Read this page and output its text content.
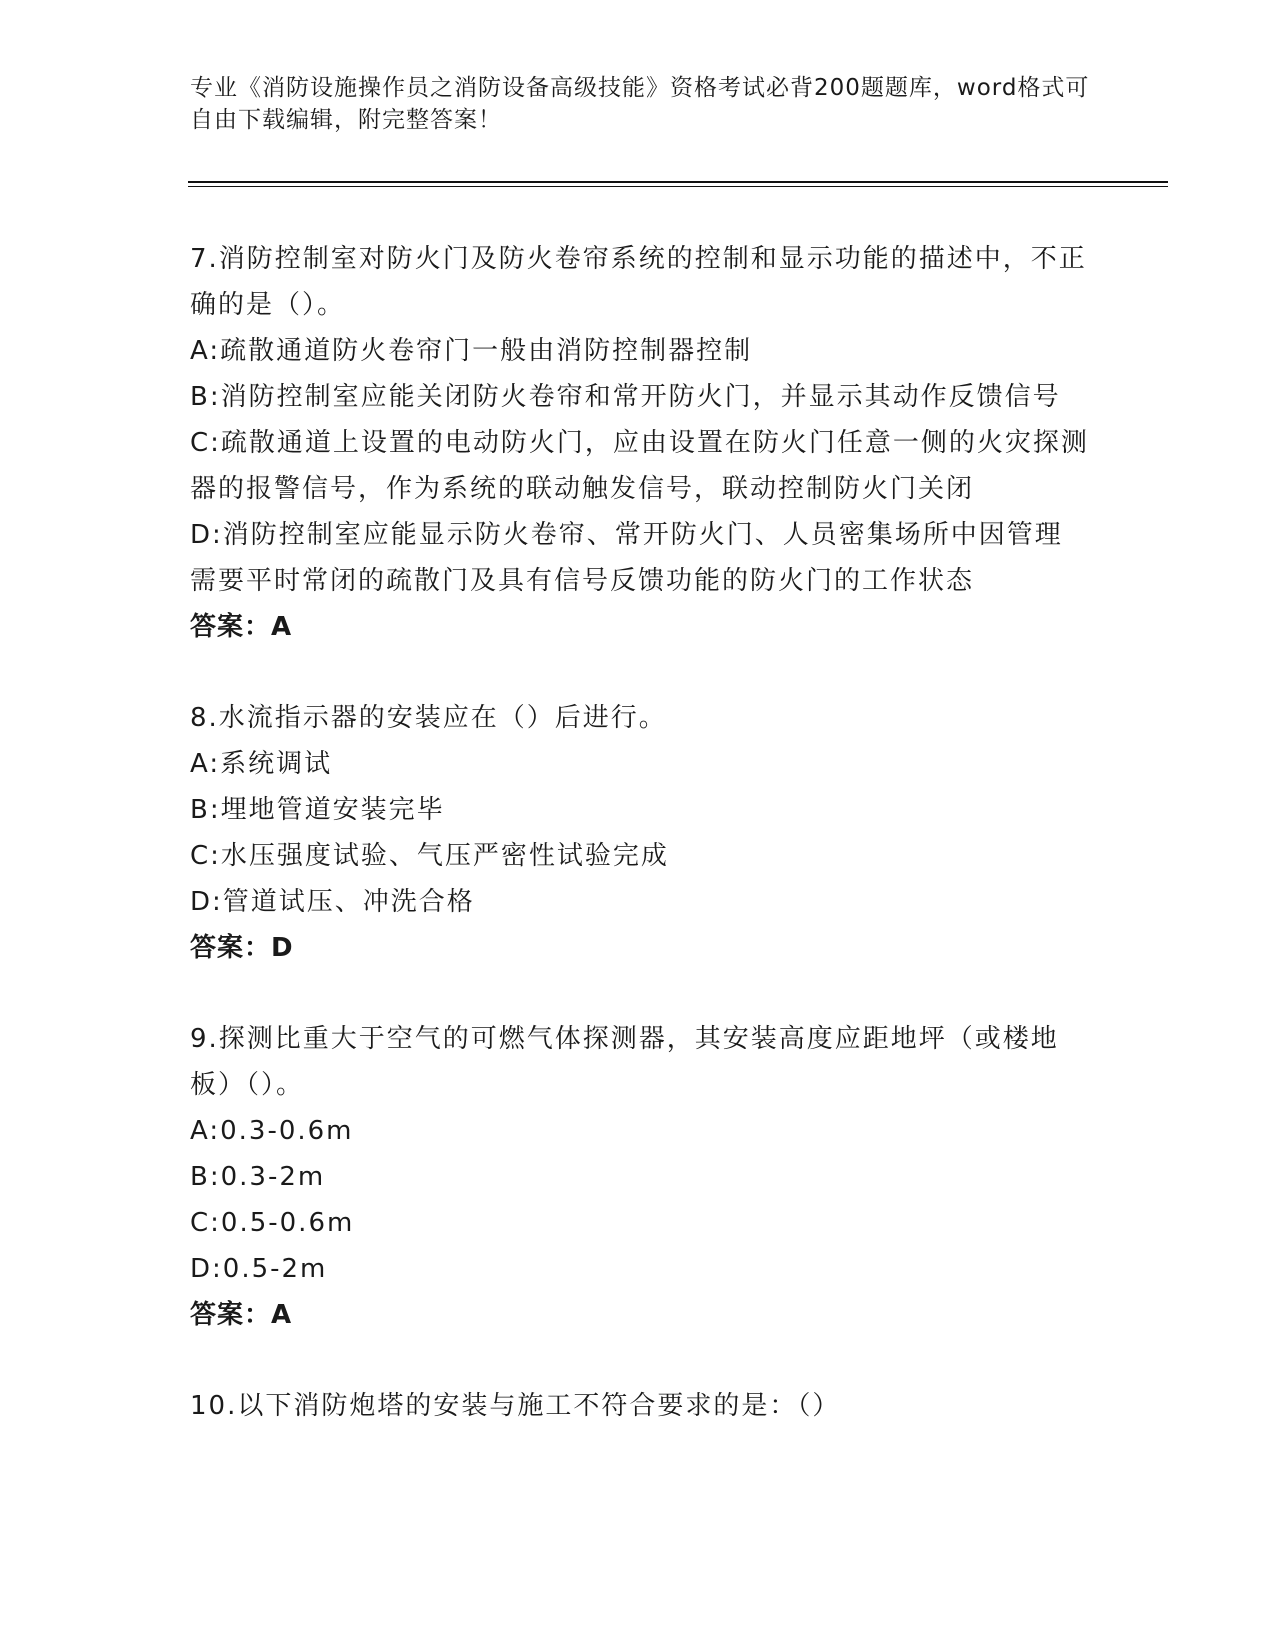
专业《消防设施操作员之消防设备高级技能》资格考试必背200题题库，word格式可自由下载编辑，附完整答案！

7.消防控制室对防火门及防火卷帘系统的控制和显示功能的描述中，不正确的是（）。

A:疏散通道防火卷帘门一般由消防控制器控制

B:消防控制室应能关闭防火卷帘和常开防火门，并显示其动作反馈信号

C:疏散通道上设置的电动防火门，应由设置在防火门任意一侧的火灾探测器的报警信号，作为系统的联动触发信号，联动控制防火门关闭

D:消防控制室应能显示防火卷帘、常开防火门、人员密集场所中因管理需要平时常闭的疏散门及具有信号反馈功能的防火门的工作状态

答案：A

8.水流指示器的安装应在（）后进行。

A:系统调试

B:埋地管道安装完毕

C:水压强度试验、气压严密性试验完成

D:管道试压、冲洗合格

答案：D

9.探测比重大于空气的可燃气体探测器，其安装高度应距地坪（或楼地板）（）。

A:0.3-0.6m

B:0.3-2m

C:0.5-0.6m

D:0.5-2m

答案：A

10.以下消防炮塔的安装与施工不符合要求的是：（）
